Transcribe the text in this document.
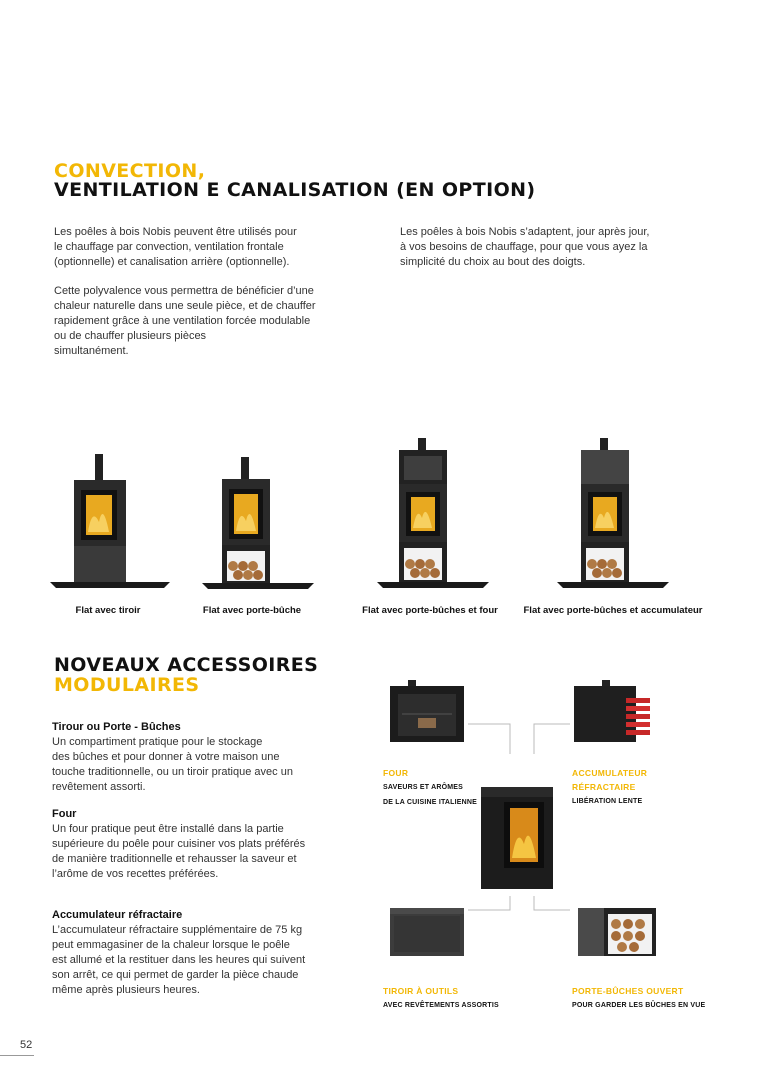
CONVECTION,
VENTILATION E CANALISATION (EN OPTION)
Les poêles à bois Nobis peuvent être utilisés pour
le chauffage par convection, ventilation frontale
(optionnelle) et canalisation arrière (optionnelle).
Cette polyvalence vous permettra de bénéficier d’une
chaleur naturelle dans une seule pièce, et de chauffer
rapidement grâce à une ventilation forcée modulable
ou de chauffer plusieurs pièces
simultanément.
Les poêles à bois Nobis s’adaptent, jour après jour,
à vos besoins de chauffage, pour que vous ayez la
simplicité du choix au bout des doigts.
Flat avec tiroir	Flat avec porte-bûche	Flat avec porte-bûches et four	Flat avec porte-bûches et accumulateur
NOVEAUX ACCESSOIRES
MODULAIRES
Tirour ou Porte - Bûches
Un compartiment pratique pour le stockage
des bûches et pour donner à votre maison une
touche traditionnelle, ou un tiroir pratique avec un
revêtement assorti.
Four
Un four pratique peut être installé dans la partie
supérieure du poêle pour cuisiner vos plats préférés
de manière traditionnelle et rehausser la saveur et
l’arôme de vos recettes préférées.
Accumulateur réfractaire
L’accumulateur réfractaire supplémentaire de 75 kg
peut emmagasiner de la chaleur lorsque le poêle
est allumé et la restituer dans les heures qui suivent
son arrêt, ce qui permet de garder la pièce chaude
même après plusieurs heures.
FOUR
SAVEURS ET ARÔMES
DE LA CUISINE ITALIENNE
ACCUMULATEUR
RÉFRACTAIRE
LIBÉRATION LENTE
TIROIR À OUTILS
AVEC REVÊTEMENTS ASSORTIS
PORTE-BÛCHES OUVERT
POUR GARDER LES BÛCHES EN VUE
52
